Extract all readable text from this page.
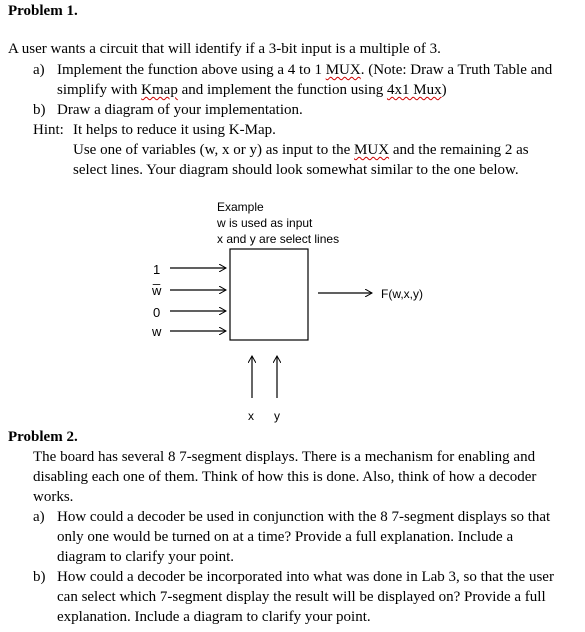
Problem 1.
A user wants a circuit that will identify if a 3-bit input is a multiple of 3.
a) Implement the function above using a 4 to 1 MUX. (Note: Draw a Truth Table and
simplify with Kmap and implement the function using 4x1 Mux)
b) Draw a diagram of your implementation.
Hint: It helps to reduce it using K-Map.
Use one of variables (w, x or y) as input to the MUX and the remaining 2 as
select lines. Your diagram should look somewhat similar to the one below.
Example
w is used as input
x and y are select lines
1
w̅
0
w
F(w,x,y)
x y
Problem 2.
The board has several 8 7-segment displays. There is a mechanism for enabling and
disabling each one of them. Think of how this is done. Also, think of how a decoder
works.
a) How could a decoder be used in conjunction with the 8 7-segment displays so that
only one would be turned on at a time? Provide a full explanation. Include a
diagram to clarify your point.
b) How could a decoder be incorporated into what was done in Lab 3, so that the user
can select which 7-segment display the result will be displayed on? Provide a full
explanation. Include a diagram to clarify your point.
